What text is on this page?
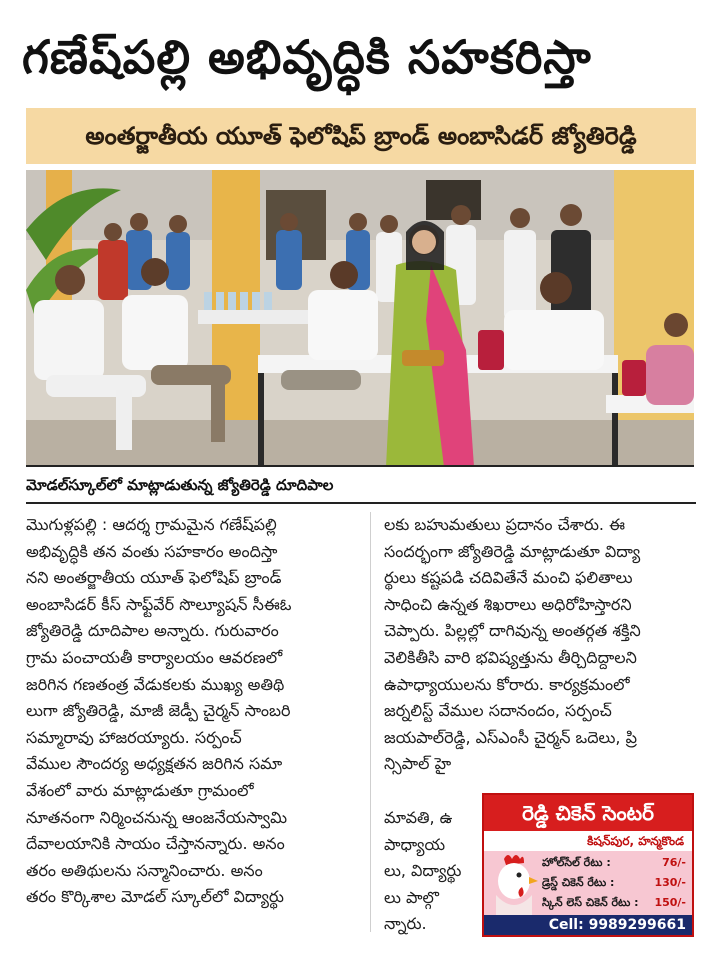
గణేష్‌పల్లి అభివృద్ధికి సహకరిస్తా
అంతర్జాతీయ యూత్ ఫెలోషిప్ బ్రాండ్ అంబాసిడర్ జ్యోతిరెడ్డి
మోడల్‌స్కూల్‌లో మాట్లాడుతున్న జ్యోతిరెడ్డి దూదిపాల
మొగుళ్లపల్లి : ఆదర్శ గ్రామమైన గణేష్‌పల్లి
అభివృద్ధికి తన వంతు సహకారం అందిస్తా
నని అంతర్జాతీయ యూత్ ఫెలోషిప్ బ్రాండ్
అంబాసిడర్ కీస్ సాఫ్ట్‌వేర్ సొల్యూషన్ సీఈఓ
జ్యోతిరెడ్డి దూదిపాల అన్నారు. గురువారం
గ్రామ పంచాయతీ కార్యాలయం ఆవరణలో
జరిగిన గణతంత్ర వేడుకలకు ముఖ్య అతిథి
లుగా జ్యోతిరెడ్డి, మాజీ జెడ్పీ చైర్మన్ సాంబరి
సమ్మారావు హాజరయ్యారు. సర్పంచ్
వేముల సౌందర్య అధ్యక్షతన జరిగిన సమా
వేశంలో వారు మాట్లాడుతూ గ్రామంలో
నూతనంగా నిర్మించనున్న ఆంజనేయస్వామి
దేవాలయానికి సాయం చేస్తానన్నారు. అనం
తరం అతిథులను సన్మానించారు. అనం
తరం కొర్కిశాల మోడల్ స్కూల్‌లో విద్యార్థు
లకు బహుమతులు ప్రదానం చేశారు. ఈ
సందర్భంగా జ్యోతిరెడ్డి మాట్లాడుతూ విద్యా
ర్థులు కష్టపడి చదివితేనే మంచి ఫలితాలు
సాధించి ఉన్నత శిఖరాలు అధిరోహిస్తారని
చెప్పారు. పిల్లల్లో దాగివున్న అంతర్గత శక్తిని
వెలికితీసి వారి భవిష్యత్తును తీర్చిదిద్దాలని
ఉపాధ్యాయులను కోరారు. కార్యక్రమంలో
జర్నలిస్ట్ వేముల సదానందం, సర్పంచ్
జయపాల్‌రెడ్డి, ఎస్ఎంసీ చైర్మన్ ఒదెలు, ప్రి
న్సిపాల్ హై
మావతి, ఉ
పాధ్యాయ
లు, విద్యార్థు
లు పాల్గొ
న్నారు.
రెడ్డి చికెన్ సెంటర్
కిషన్‌పుర, హన్మకొండ
హోల్‌సేల్ రేటు :	76/-
డ్రెస్డ్ చికెన్ రేటు :	130/-
స్కిన్ లెస్ చికెన్ రేటు : 150/-
Cell: 9989299661
